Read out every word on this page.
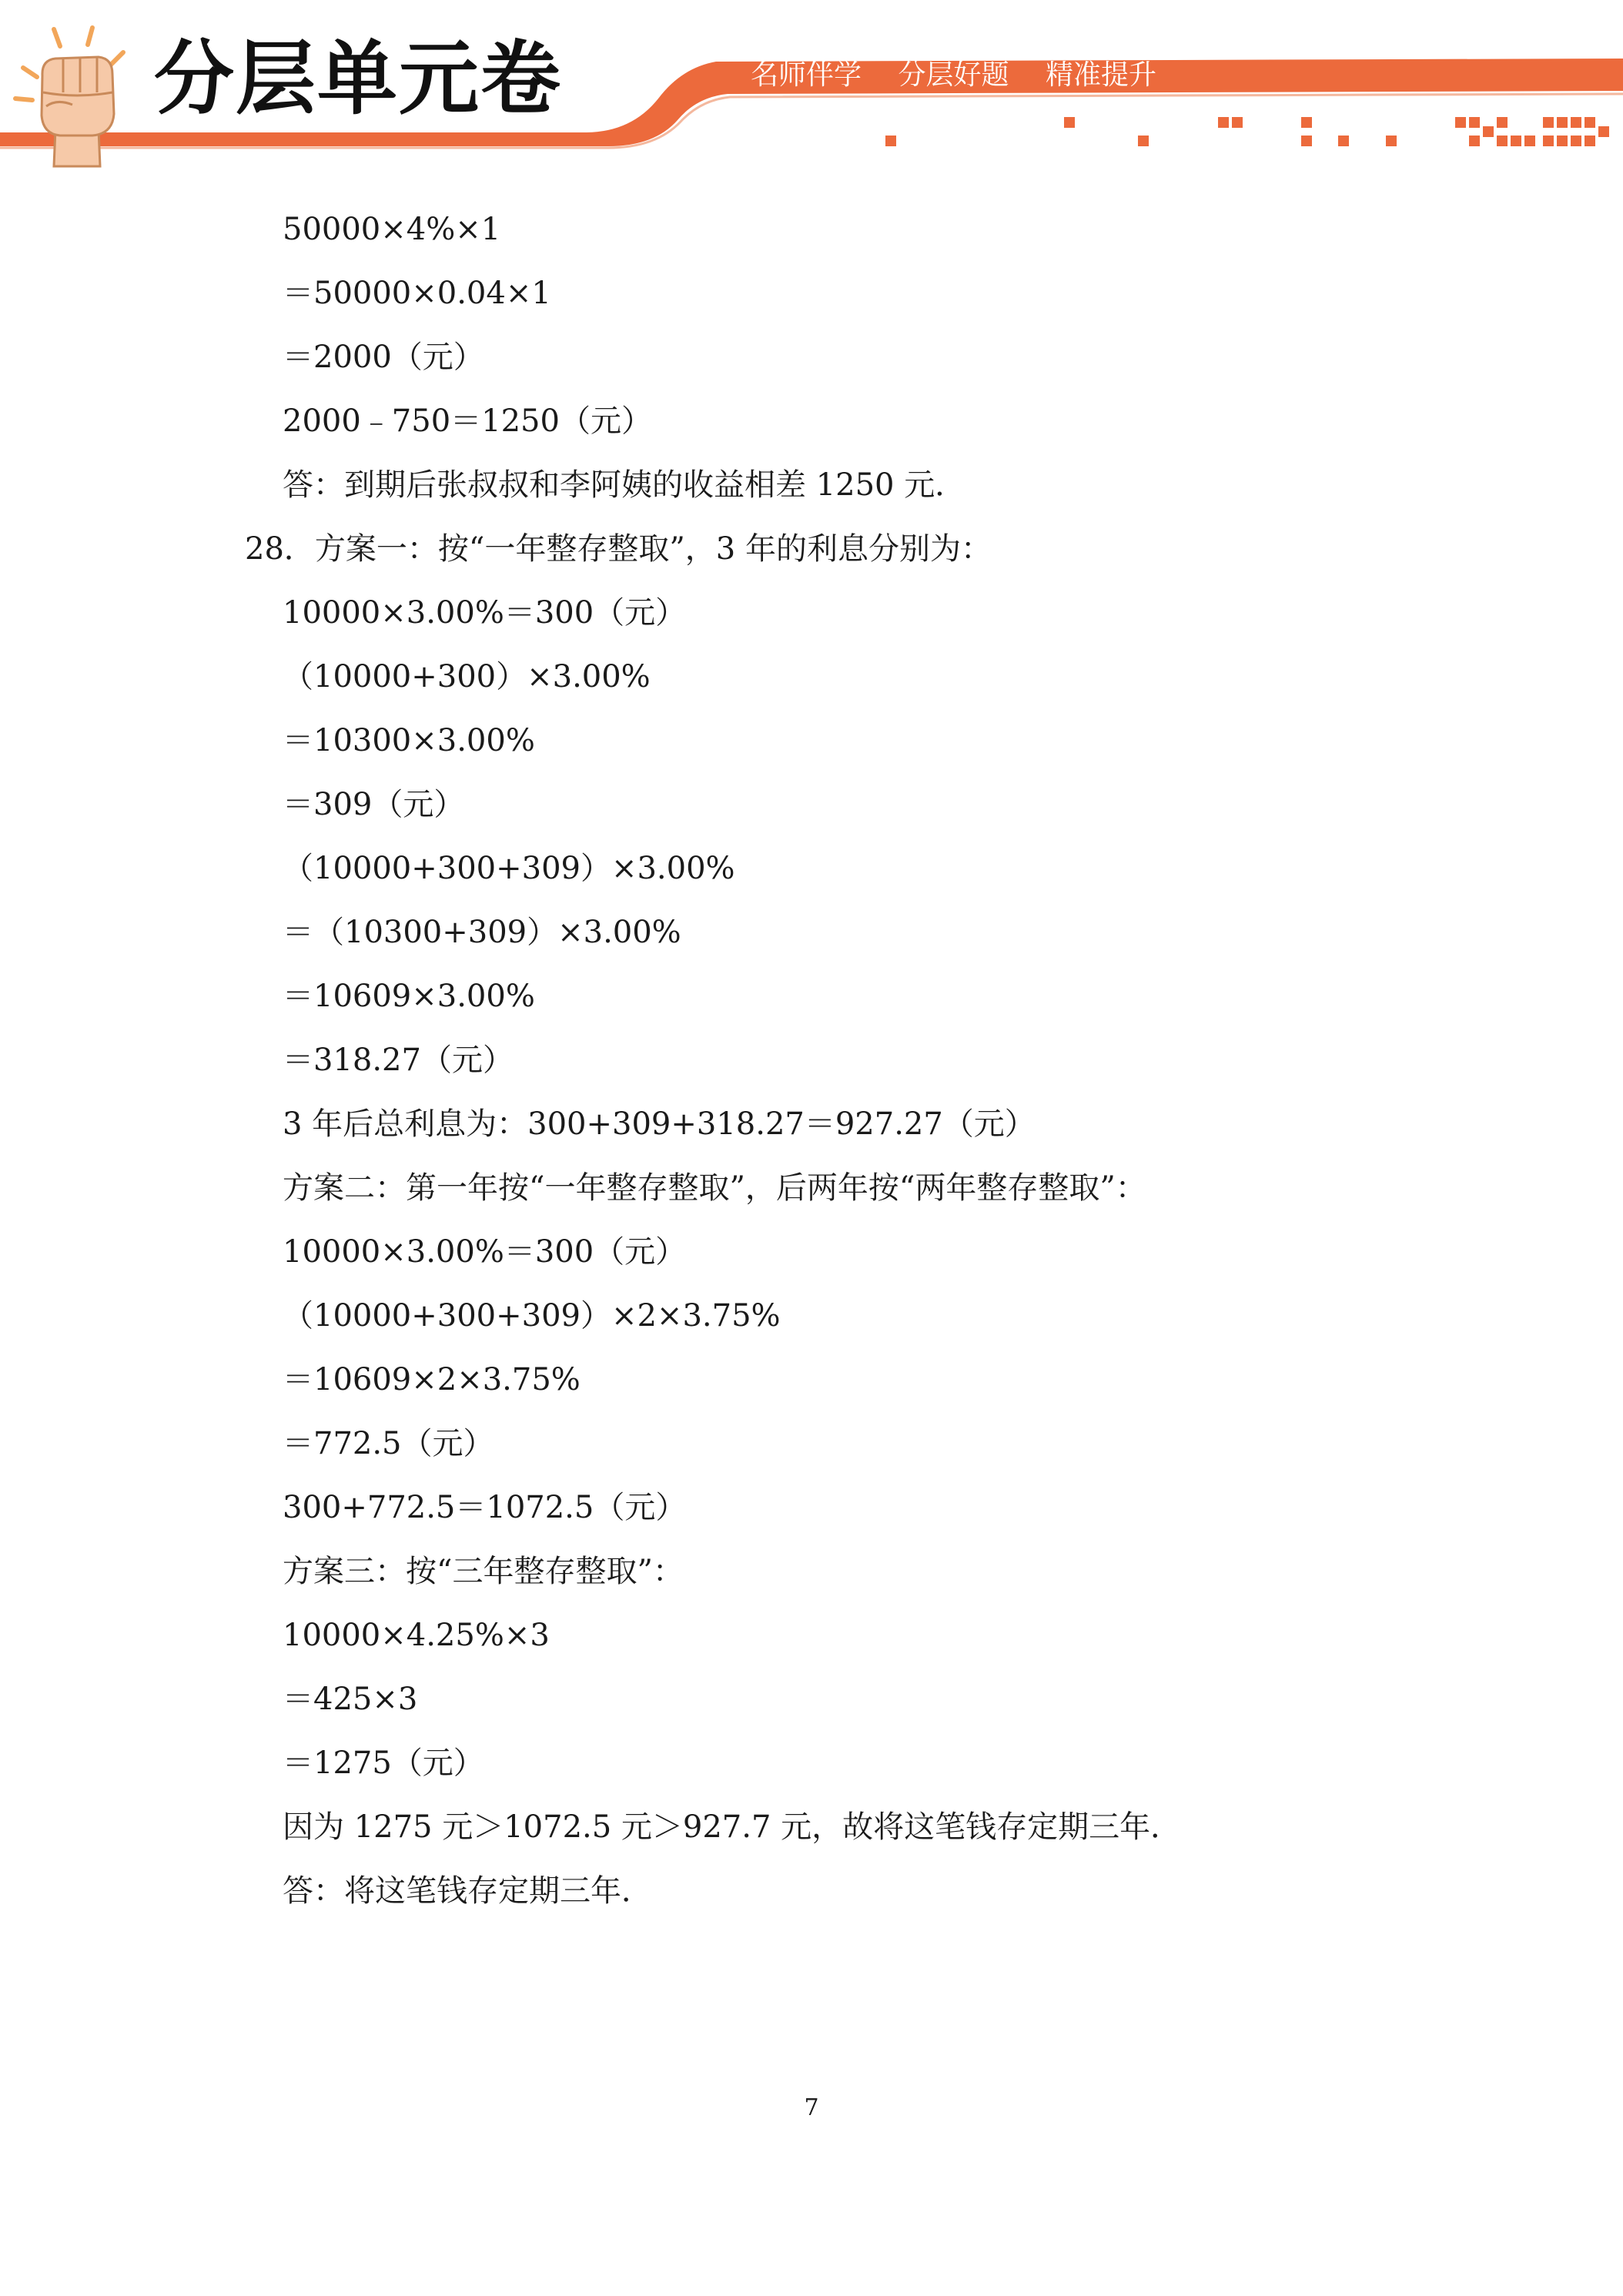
分层单元卷	名师伴学 分层好题 精准提升
50000×4%×1
＝50000×0.04×1
＝2000（元）
2000﹣750＝1250（元）
答：到期后张叔叔和李阿姨的收益相差 1250 元．
28．方案一：按“一年整存整取”，3 年的利息分别为：
10000×3.00%＝300（元）
（10000+300）×3.00%
＝10300×3.00%
＝309（元）
（10000+300+309）×3.00%
＝（10300+309）×3.00%
＝10609×3.00%
＝318.27（元）
3 年后总利息为：300+309+318.27＝927.27（元）
方案二：第一年按“一年整存整取”，后两年按“两年整存整取”：
10000×3.00%＝300（元）
（10000+300+309）×2×3.75%
＝10609×2×3.75%
＝772.5（元）
300+772.5＝1072.5（元）
方案三：按“三年整存整取”：
10000×4.25%×3
＝425×3
＝1275（元）
因为 1275 元＞1072.5 元＞927.7 元，故将这笔钱存定期三年．
答：将这笔钱存定期三年．
7
